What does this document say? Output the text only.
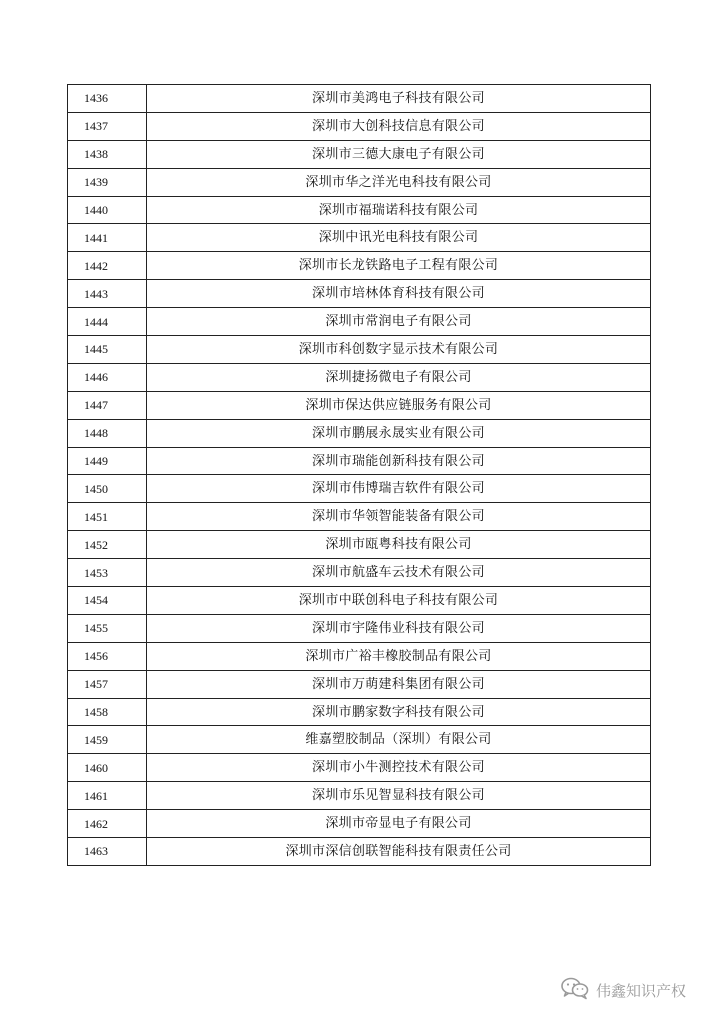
1436	深圳市美鸿电子科技有限公司
1437	深圳市大创科技信息有限公司
1438	深圳市三德大康电子有限公司
1439	深圳市华之洋光电科技有限公司
1440	深圳市福瑞诺科技有限公司
1441	深圳中讯光电科技有限公司
1442	深圳市长龙铁路电子工程有限公司
1443	深圳市培林体育科技有限公司
1444	深圳市常润电子有限公司
1445	深圳市科创数字显示技术有限公司
1446	深圳捷扬微电子有限公司
1447	深圳市保达供应链服务有限公司
1448	深圳市鹏展永晟实业有限公司
1449	深圳市瑞能创新科技有限公司
1450	深圳市伟博瑞吉软件有限公司
1451	深圳市华领智能装备有限公司
1452	深圳市瓯粤科技有限公司
1453	深圳市航盛车云技术有限公司
1454	深圳市中联创科电子科技有限公司
1455	深圳市宇隆伟业科技有限公司
1456	深圳市广裕丰橡胶制品有限公司
1457	深圳市万萌建科集团有限公司
1458	深圳市鹏家数字科技有限公司
1459	维嘉塑胶制品（深圳）有限公司
1460	深圳市小牛测控技术有限公司
1461	深圳市乐见智显科技有限公司
1462	深圳市帝显电子有限公司
1463	深圳市深信创联智能科技有限责任公司
伟鑫知识产权
